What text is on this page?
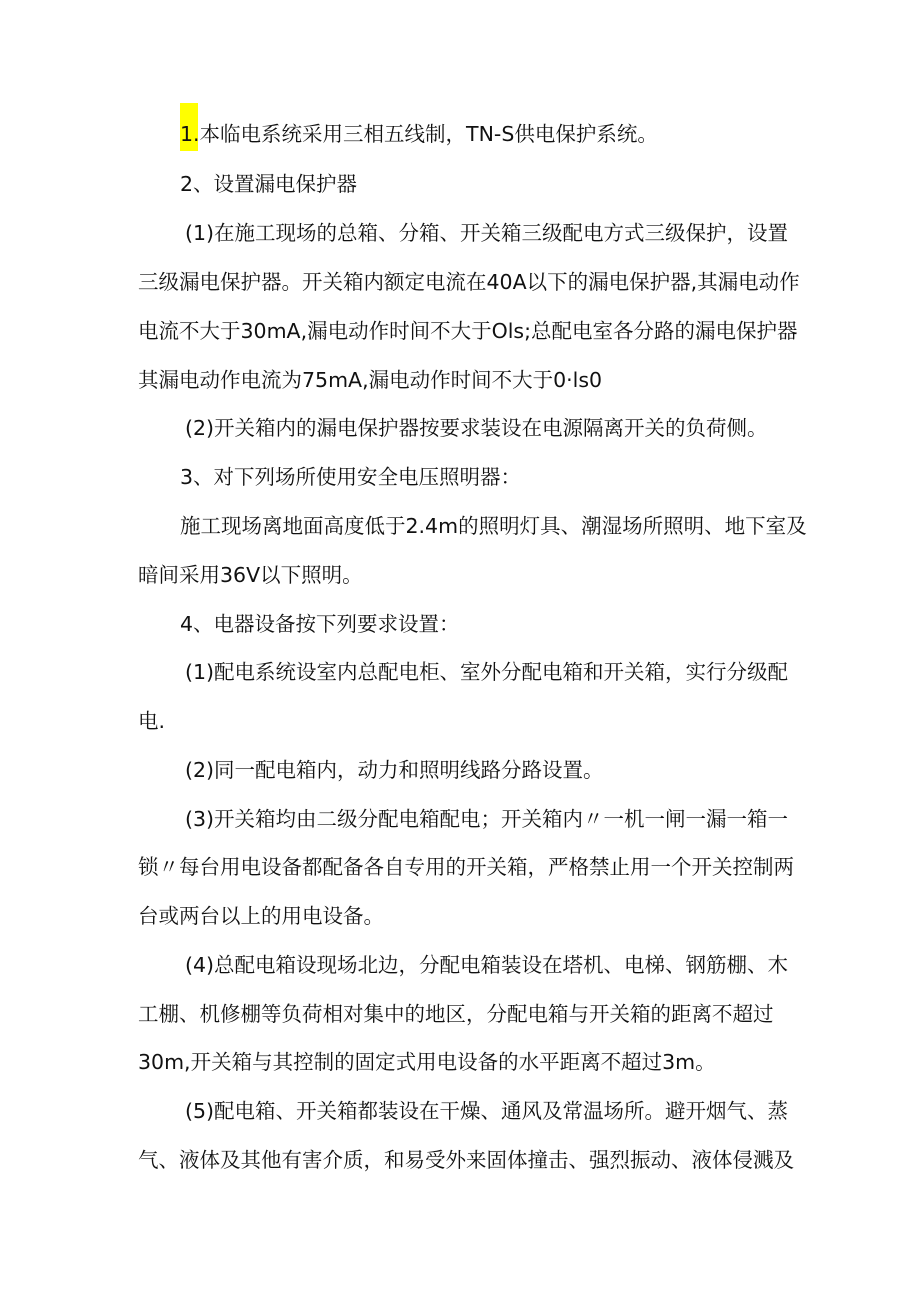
1.本临电系统采用三相五线制，TN-S供电保护系统。
2、设置漏电保护器
(1)在施工现场的总箱、分箱、开关箱三级配电方式三级保护，设置
三级漏电保护器。开关箱内额定电流在40A以下的漏电保护器,其漏电动作
电流不大于30mA,漏电动作时间不大于Ols;总配电室各分路的漏电保护器
其漏电动作电流为75mA,漏电动作时间不大于0·ls0
(2)开关箱内的漏电保护器按要求装设在电源隔离开关的负荷侧。
3、对下列场所使用安全电压照明器：
施工现场离地面高度低于2.4m的照明灯具、潮湿场所照明、地下室及
暗间采用36V以下照明。
4、电器设备按下列要求设置：
(1)配电系统设室内总配电柜、室外分配电箱和开关箱，实行分级配
电.
(2)同一配电箱内，动力和照明线路分路设置。
(3)开关箱均由二级分配电箱配电；开关箱内〃一机一闸一漏一箱一
锁〃每台用电设备都配备各自专用的开关箱，严格禁止用一个开关控制两
台或两台以上的用电设备。
(4)总配电箱设现场北边，分配电箱装设在塔机、电梯、钢筋棚、木
工棚、机修棚等负荷相对集中的地区，分配电箱与开关箱的距离不超过
30m,开关箱与其控制的固定式用电设备的水平距离不超过3m。
(5)配电箱、开关箱都装设在干燥、通风及常温场所。避开烟气、蒸
气、液体及其他有害介质，和易受外来固体撞击、强烈振动、液体侵溅及
